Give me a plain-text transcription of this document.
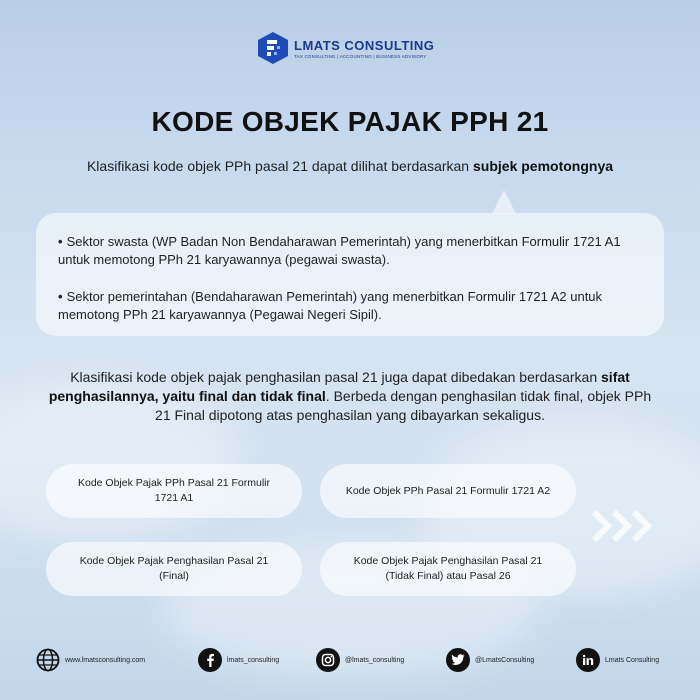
LMATS CONSULTING
TAX CONSULTING | ACCOUNTING | BUSINESS ADVISORY
KODE OBJEK PAJAK PPH 21
Klasifikasi kode objek PPh pasal 21 dapat dilihat berdasarkan subjek pemotongnya
• Sektor swasta (WP Badan Non Bendaharawan Pemerintah) yang menerbitkan Formulir 1721 A1 untuk memotong PPh 21 karyawannya (pegawai swasta).
• Sektor pemerintahan (Bendaharawan Pemerintah) yang menerbitkan Formulir 1721 A2 untuk memotong PPh 21 karyawannya (Pegawai Negeri Sipil).
Klasifikasi kode objek pajak penghasilan pasal 21 juga dapat dibedakan berdasarkan sifat penghasilannya, yaitu final dan tidak final. Berbeda dengan penghasilan tidak final, objek PPh 21 Final dipotong atas penghasilan yang dibayarkan sekaligus.
Kode Objek Pajak PPh Pasal 21 Formulir 1721 A1
Kode Objek PPh Pasal 21 Formulir 1721 A2
Kode Objek Pajak Penghasilan Pasal 21 (Final)
Kode Objek Pajak Penghasilan Pasal 21 (Tidak Final) atau Pasal 26
www.lmatsconsulting.com	lmats_consulting	@lmats_consulting	@LmatsConsulting	Lmats Consulting
